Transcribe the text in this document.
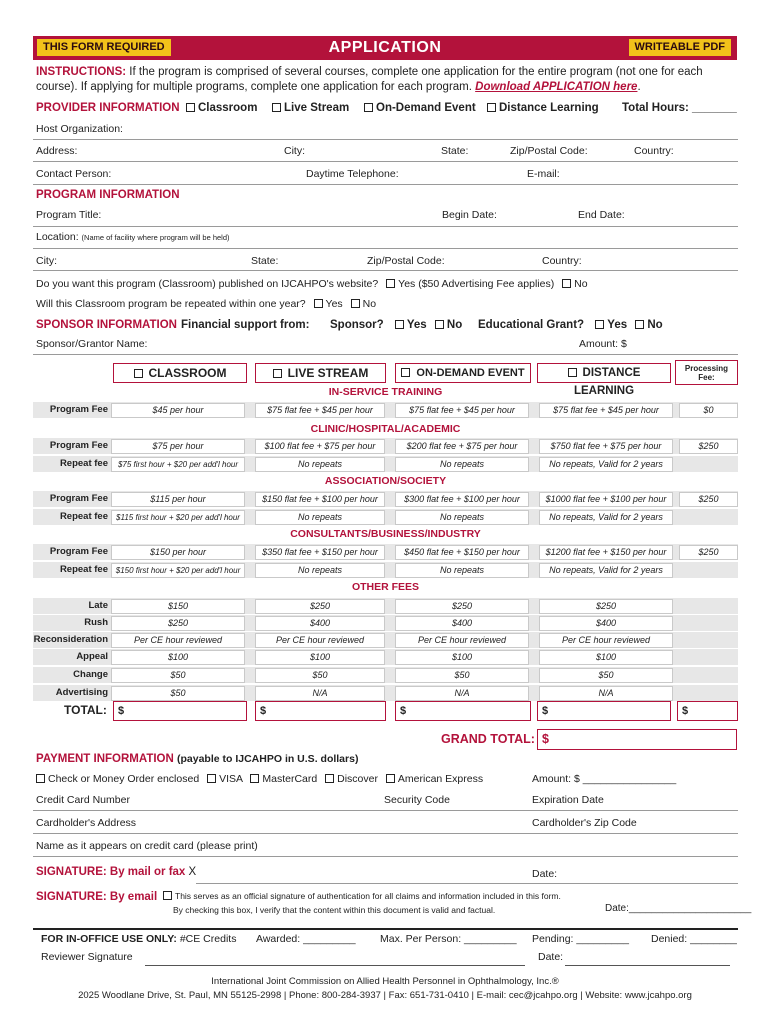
APPLICATION
THIS FORM REQUIRED	WRITEABLE PDF
INSTRUCTIONS: If the program is comprised of several courses, complete one application for the entire program (not one for each course). If applying for multiple programs, complete one application for each program. Download APPLICATION here.
PROVIDER INFORMATION	Classroom	Live Stream	On-Demand Event	Distance Learning Total Hours: _______
Host Organization:
Address:	City:	State:	Zip/Postal Code:	Country:
Contact Person:	Daytime Telephone:	E-mail:
PROGRAM INFORMATION
Program Title:	Begin Date:	End Date:
Location: (Name of facility where program will be held)
City:	State:	Zip/Postal Code:	Country:
Do you want this program (Classroom) published on IJCAHPO's website? Yes ($50 Advertising Fee applies) No
Will this Classroom program be repeated within one year? Yes No
SPONSOR INFORMATION Financial support from: Sponsor? Yes No Educational Grant? Yes No
Sponsor/Grantor Name:	Amount: $
CLASSROOM	LIVE STREAM	ON-DEMAND EVENT	DISTANCE LEARNING
Processing Fee:
IN-SERVICE TRAINING
Program Fee	$45 per hour	$75 flat fee + $45 per hour	$75 flat fee + $45 per hour	$75 flat fee + $45 per hour	$0
CLINIC/HOSPITAL/ACADEMIC
Program Fee	$75 per hour	$100 flat fee + $75 per hour	$200 flat fee + $75 per hour	$750 flat fee + $75 per hour	$250
Repeat fee	$75 first hour + $20 per add'l hour	No repeats	No repeats	No repeats, Valid for 2 years
ASSOCIATION/SOCIETY
Program Fee	$115 per hour	$150 flat fee + $100 per hour	$300 flat fee + $100 per hour	$1000 flat fee + $100 per hour	$250
Repeat fee	$115 first hour + $20 per add'l hour	No repeats	No repeats	No repeats, Valid for 2 years
CONSULTANTS/BUSINESS/INDUSTRY
Program Fee	$150 per hour	$350 flat fee + $150 per hour	$450 flat fee + $150 per hour	$1200 flat fee + $150 per hour	$250
Repeat fee $150 first hour + $20 per add'l hour	No repeats	No repeats	No repeats, Valid for 2 years
OTHER FEES
Late	$150	$250	$250	$250
Rush	$250	$400	$400	$400
Reconsideration	Per CE hour reviewed	Per CE hour reviewed	Per CE hour reviewed	Per CE hour reviewed
Appeal	$100	$100	$100	$100
Change	$50	$50	$50	$50
Advertising	$50	N/A	N/A	N/A
TOTAL:	$	$	$	$	$
GRAND TOTAL: $
PAYMENT INFORMATION (payable to IJCAHPO in U.S. dollars)
Check or Money Order enclosed VISA MasterCard Discover American Express	Amount: $ ________________
Credit Card Number	Security Code	Expiration Date
Cardholder's Address	Cardholder's Zip Code
Name as it appears on credit card (please print)
SIGNATURE: By mail or fax X	Date:
SIGNATURE: By email	This serves as an official signature of authentication for all claims and information included in this form.
By checking this box, I verify that the content within this document is valid and factual.	Date:______________________
FOR IN-OFFICE USE ONLY: #CE Credits Awarded: _________ Max. Per Person: _________ Pending: _________ Denied: ________
Reviewer Signature	Date:
International Joint Commission on Allied Health Personnel in Ophthalmology, Inc.®
2025 Woodlane Drive, St. Paul, MN 55125-2998 | Phone: 800-284-3937 | Fax: 651-731-0410 | E-mail: cec@jcahpo.org | Website: www.jcahpo.org
